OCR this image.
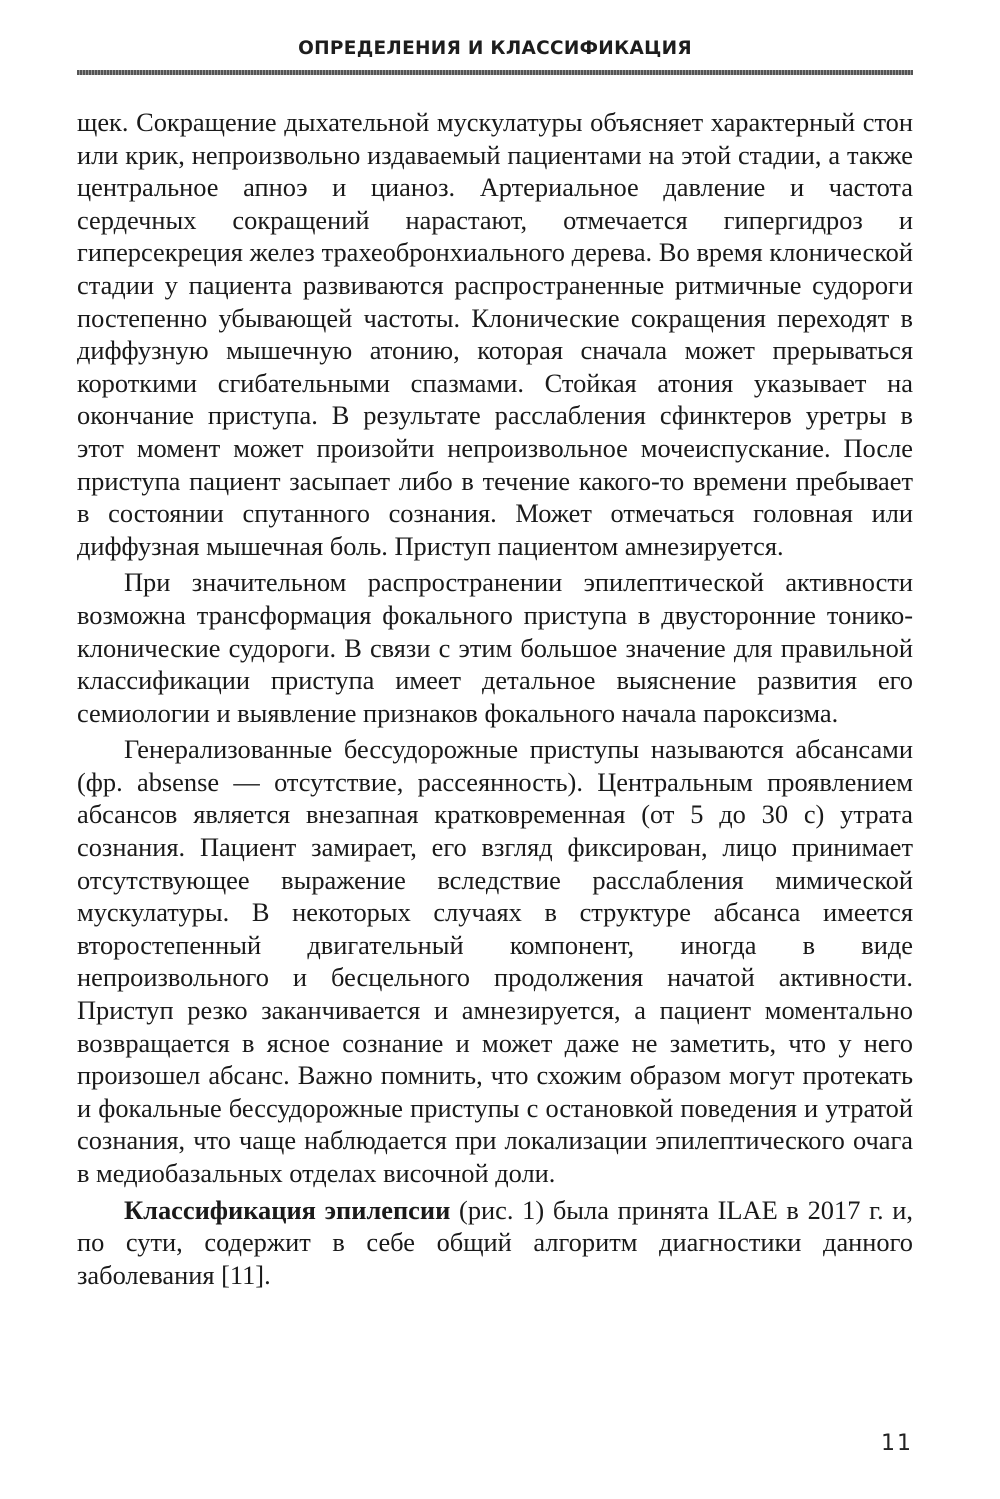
ОПРЕДЕЛЕНИЯ И КЛАССИФИКАЦИЯ

щек. Сокращение дыхательной мускулатуры объясняет характерный стон или крик, непроизвольно издаваемый пациентами на этой стадии, а также центральное апноэ и цианоз. Артериальное давление и частота сердечных сокращений нарастают, отмечается гипергидроз и гиперсекреция желез трахеобронхиального дерева. Во время клонической стадии у пациента развиваются распространенные ритмичные судороги постепенно убывающей частоты. Клонические сокращения переходят в диффузную мышечную атонию, которая сначала может прерываться короткими сгибательными спазмами. Стойкая атония указывает на окончание приступа. В результате расслабления сфинктеров уретры в этот момент может произойти непроизвольное мочеиспускание. После приступа пациент засыпает либо в течение какого-то времени пребывает в состоянии спутанного сознания. Может отмечаться головная или диффузная мышечная боль. Приступ пациентом амнезируется.

При значительном распространении эпилептической активности возможна трансформация фокального приступа в двусторонние тонико-клонические судороги. В связи с этим большое значение для правильной классификации приступа имеет детальное выяснение развития его семиологии и выявление признаков фокального начала пароксизма.

Генерализованные бессудорожные приступы называются абсансами (фр. absense — отсутствие, рассеянность). Центральным проявлением абсансов является внезапная кратковременная (от 5 до 30 с) утрата сознания. Пациент замирает, его взгляд фиксирован, лицо принимает отсутствующее выражение вследствие расслабления мимической мускулатуры. В некоторых случаях в структуре абсанса имеется второстепенный двигательный компонент, иногда в виде непроизвольного и бесцельного продолжения начатой активности. Приступ резко заканчивается и амнезируется, а пациент моментально возвращается в ясное сознание и может даже не заметить, что у него произошел абсанс. Важно помнить, что схожим образом могут протекать и фокальные бессудорожные приступы с остановкой поведения и утратой сознания, что чаще наблюдается при локализации эпилептического очага в медиобазальных отделах височной доли.

Классификация эпилепсии (рис. 1) была принята ILAE в 2017 г. и, по сути, содержит в себе общий алгоритм диагностики данного заболевания [11].

11
